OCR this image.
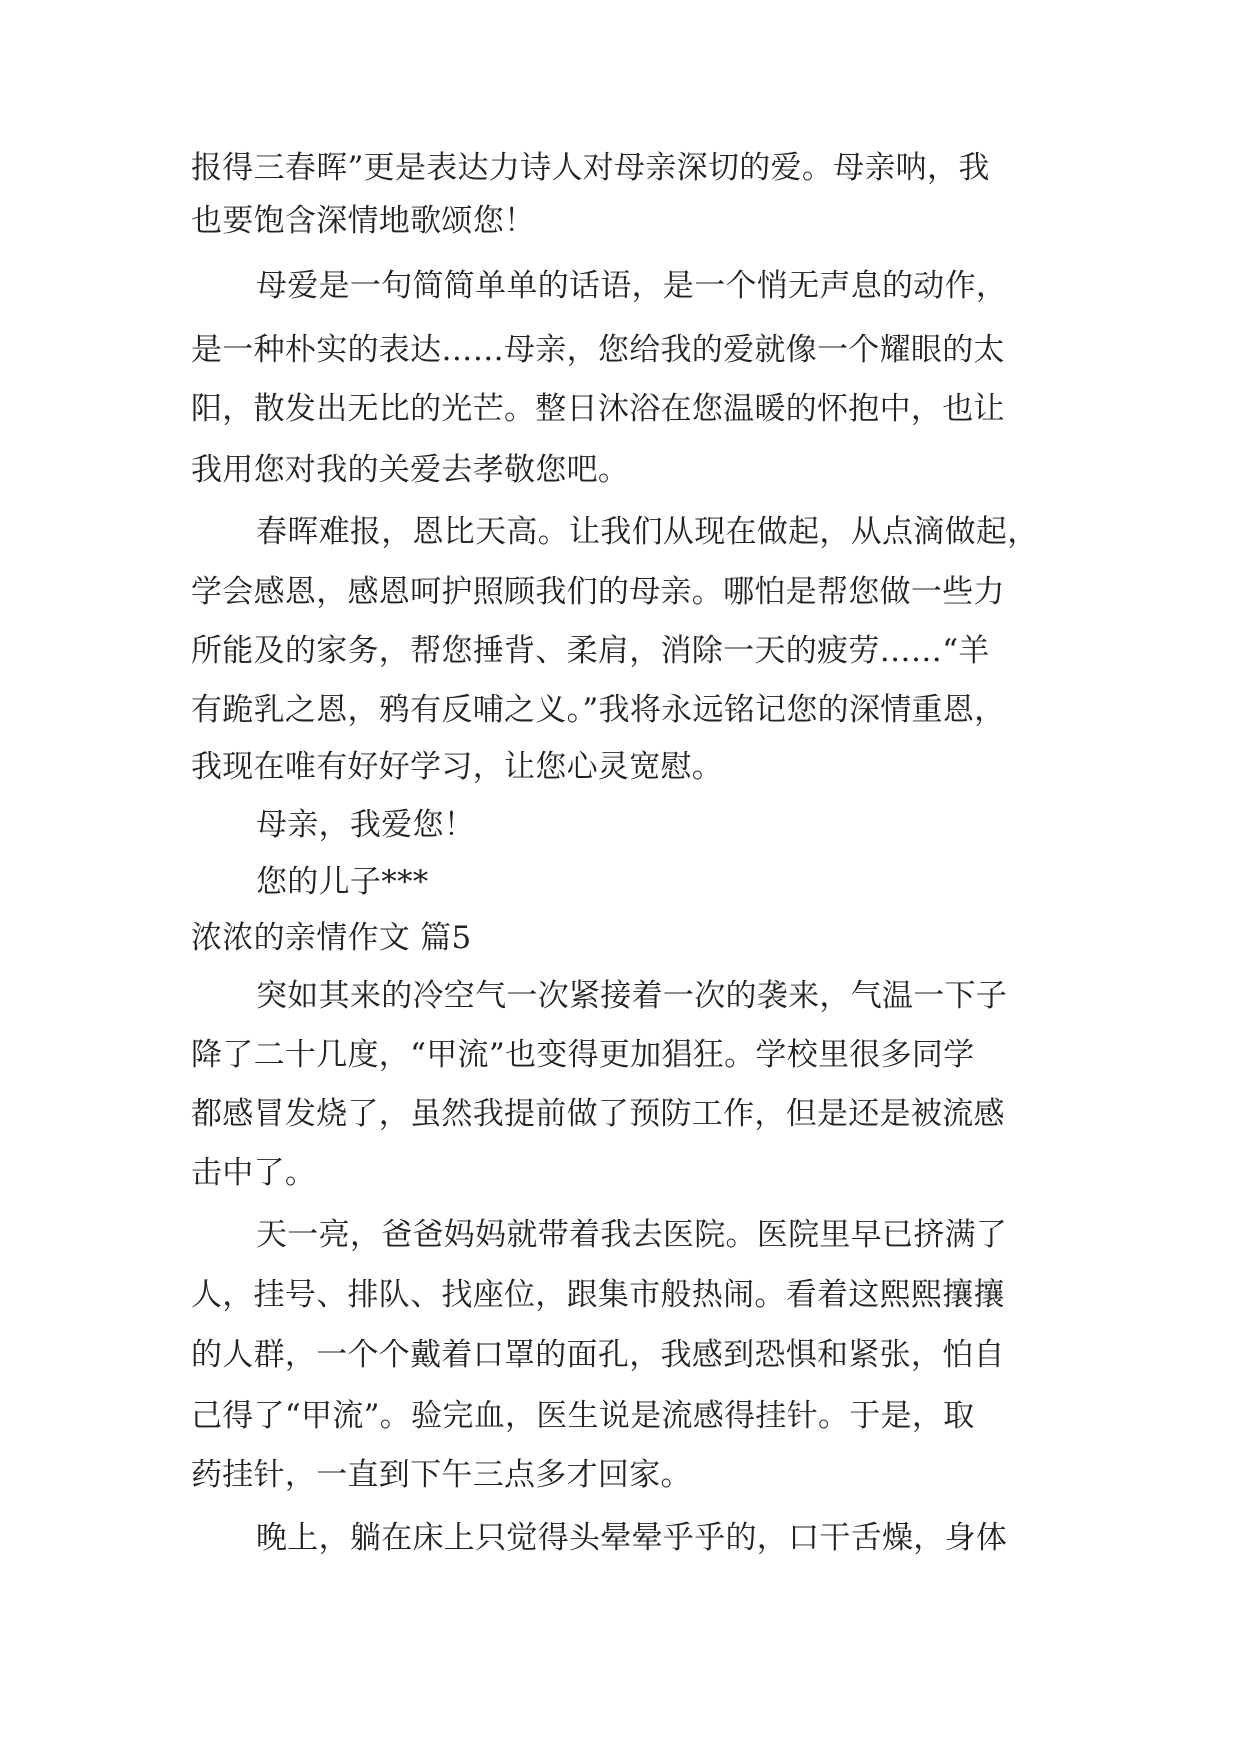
报得三春晖”更是表达力诗人对母亲深切的爱。母亲呐，我
也要饱含深情地歌颂您！
母爱是一句简简单单的话语，是一个悄无声息的动作，
是一种朴实的表达……母亲，您给我的爱就像一个耀眼的太
阳，散发出无比的光芒。整日沐浴在您温暖的怀抱中，也让
我用您对我的关爱去孝敬您吧。
春晖难报，恩比天高。让我们从现在做起，从点滴做起，
学会感恩，感恩呵护照顾我们的母亲。哪怕是帮您做一些力
所能及的家务，帮您捶背、柔肩，消除一天的疲劳……“羊
有跪乳之恩，鸦有反哺之义。”我将永远铭记您的深情重恩，
我现在唯有好好学习，让您心灵宽慰。
母亲，我爱您！
您的儿子***
浓浓的亲情作文 篇5
突如其来的冷空气一次紧接着一次的袭来，气温一下子
降了二十几度，“甲流”也变得更加猖狂。学校里很多同学
都感冒发烧了，虽然我提前做了预防工作，但是还是被流感
击中了。
天一亮，爸爸妈妈就带着我去医院。医院里早已挤满了
人，挂号、排队、找座位，跟集市般热闹。看着这熙熙攘攘
的人群，一个个戴着口罩的面孔，我感到恐惧和紧张，怕自
己得了“甲流”。验完血，医生说是流感得挂针。于是，取
药挂针，一直到下午三点多才回家。
晚上，躺在床上只觉得头晕晕乎乎的，口干舌燥，身体
